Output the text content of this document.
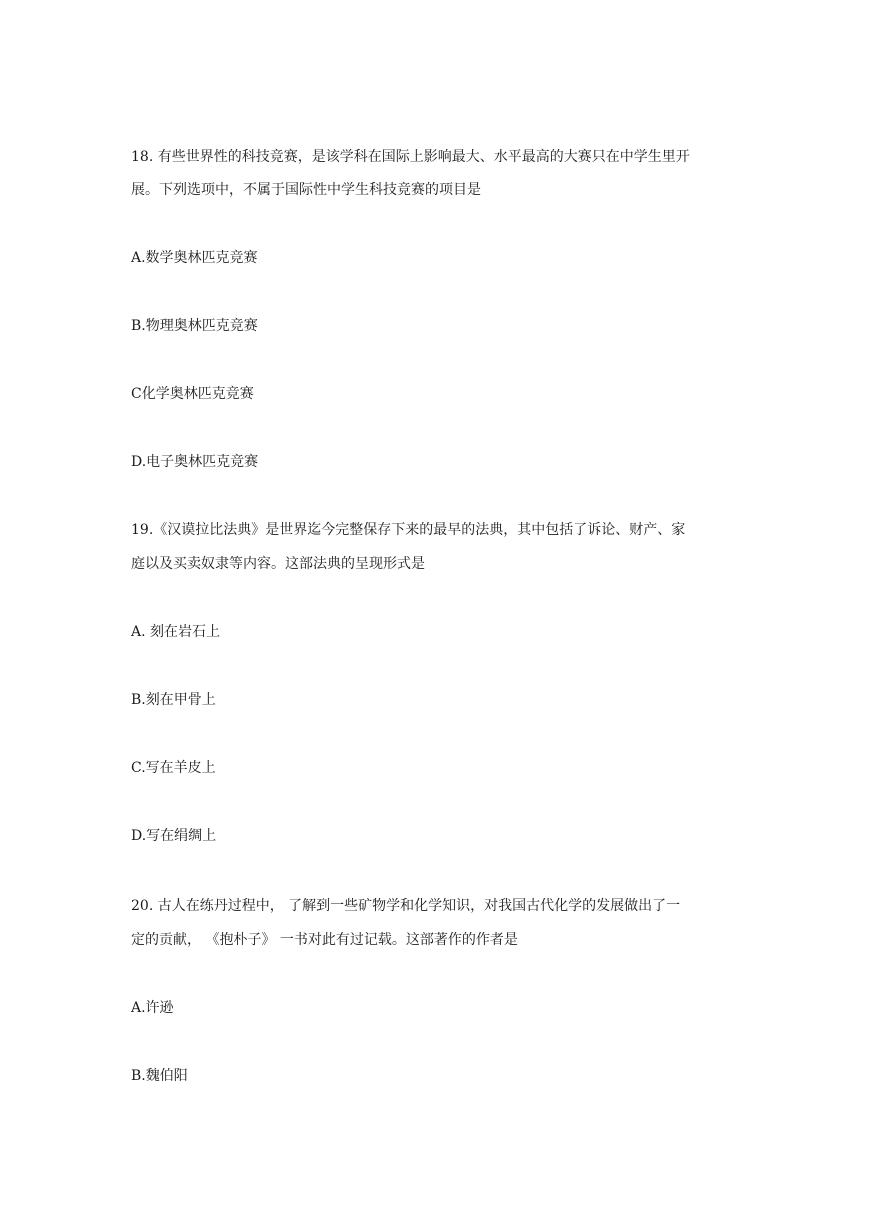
18. 有些世界性的科技竞赛，是该学科在国际上影响最大、水平最高的大赛只在中学生里开

展。下列选项中，不属于国际性中学生科技竞赛的项目是

A.数学奥林匹克竞赛

B.物理奥林匹克竞赛

C化学奥林匹克竞赛

D.电子奥林匹克竞赛

19.《汉谟拉比法典》是世界迄今完整保存下来的最早的法典，其中包括了诉论、财产、家

庭以及买卖奴隶等内容。这部法典的呈现形式是

A. 刻在岩石上

B.刻在甲骨上

C.写在羊皮上

D.写在绢绸上

20. 古人在练丹过程中， 了解到一些矿物学和化学知识，对我国古代化学的发展做出了一

定的贡献， 《抱朴子》 一书对此有过记载。这部著作的作者是

A.许逊

B.魏伯阳
